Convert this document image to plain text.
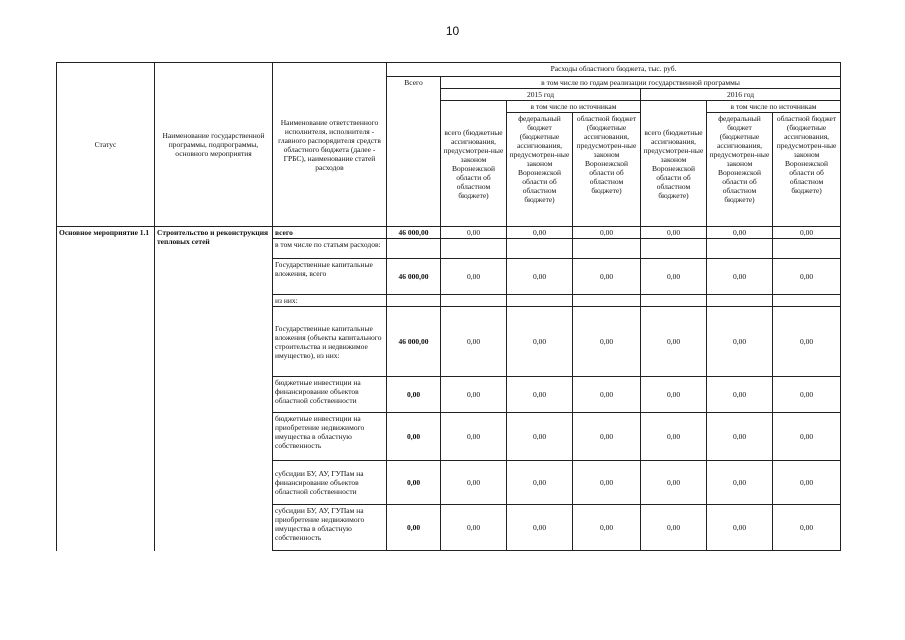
10
Статус	Наименование государственной программы, подпрограммы, основного мероприятия	Наименование ответственного исполнителя, исполнителя - главного распорядителя средств областного бюджета (далее - ГРБС), наименование статей расходов	Расходы областного бюджета, тыс. руб.						
			Всего	в том числе по годам реализации государственной программы					
				2015 год			2016 год		
				всего (бюджетные ассигнования, предусмотрен-ные законом Воронежской области об областном бюджете)	в том числе по источникам		всего (бюджетные ассигнования, предусмотрен-ные законом Воронежской области об областном бюджете)	в том числе по источникам	
					федеральный бюджет (бюджетные ассигнования, предусмотрен-ные законом Воронежской области об областном бюджете)	областной бюджет (бюджетные ассигнования, предусмотрен-ные законом Воронежской области об областном бюджете)		федеральный бюджет (бюджетные ассигнования, предусмотрен-ные законом Воронежской области об областном бюджете)	областной бюджет (бюджетные ассигнования, предусмотрен-ные законом Воронежской области об областном бюджете)
Основное мероприятие 1.1	Строительство и реконструкция тепловых сетей	всего	46 000,00	0,00	0,00	0,00	0,00	0,00	0,00
		в том числе по статьям расходов:							
		Государственные капитальные вложения, всего	46 000,00	0,00	0,00	0,00	0,00	0,00	0,00
		из них:							
		Государственные капитальные вложения (объекты капитального строительства и недвижимое имущество), из них:	46 000,00	0,00	0,00	0,00	0,00	0,00	0,00
		бюджетные инвестиции на финансирование объектов областной собственности	0,00	0,00	0,00	0,00	0,00	0,00	0,00
		бюджетные инвестиции на приобретение недвижимого имущества в областную собственность	0,00	0,00	0,00	0,00	0,00	0,00	0,00
		субсидии БУ, АУ, ГУПам на финансирование объектов областной собственности	0,00	0,00	0,00	0,00	0,00	0,00	0,00
		субсидии БУ, АУ, ГУПам на приобретение недвижимого имущества в областную собственность	0,00	0,00	0,00	0,00	0,00	0,00	0,00
